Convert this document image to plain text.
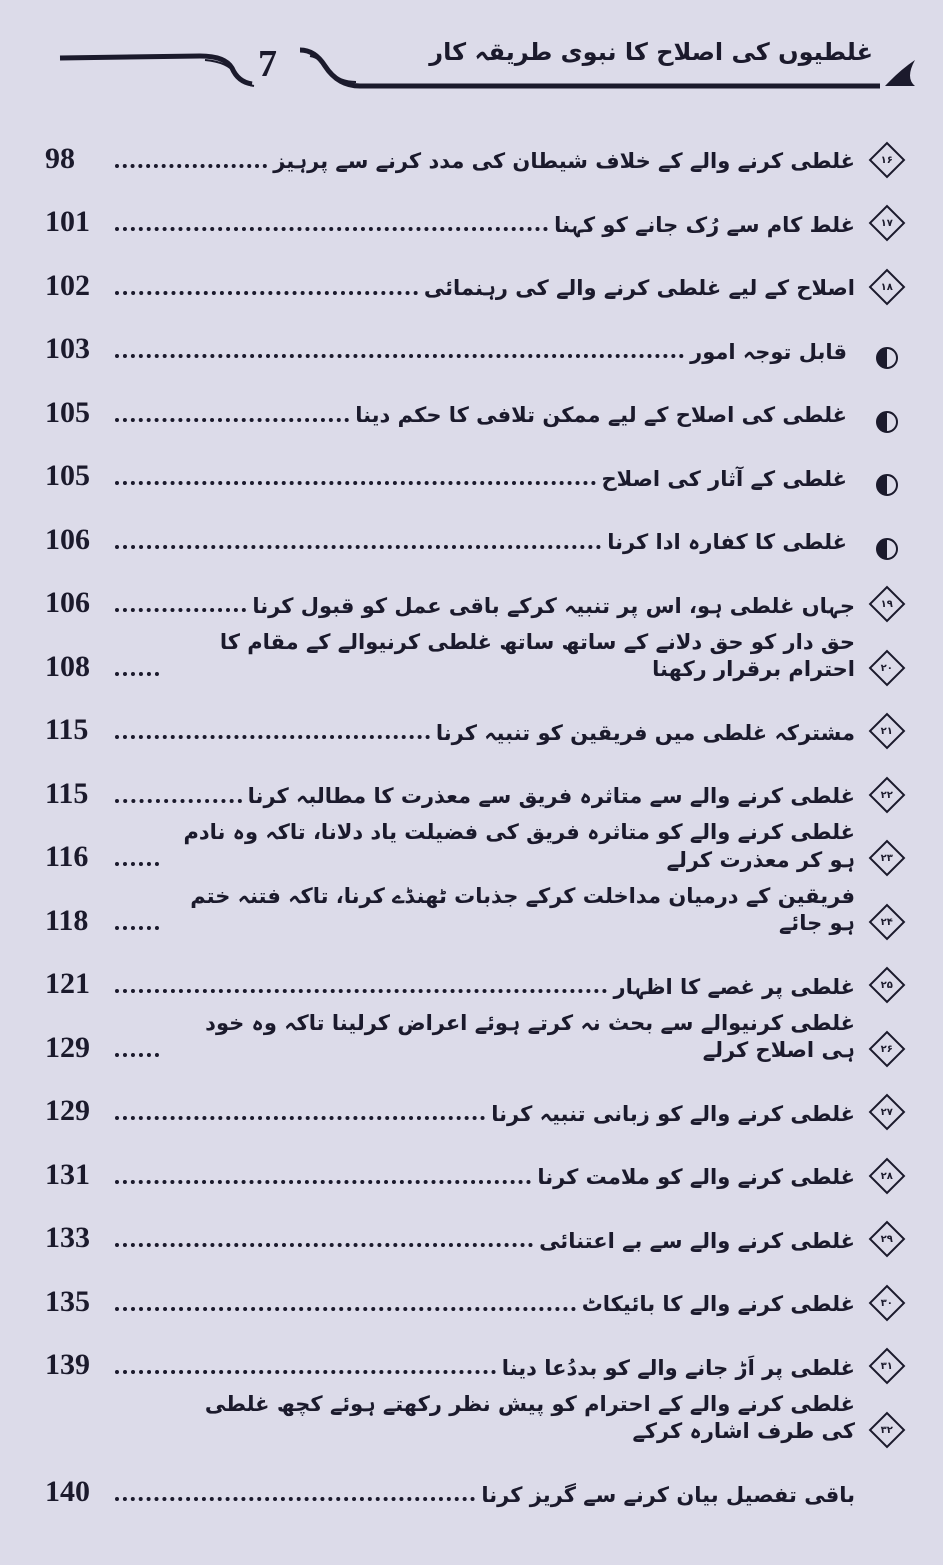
غلطیوں کی اصلاح کا نبوی طریقہ کار
7
۱۶
غلطی کرنے والے کے خلاف شیطان کی مدد کرنے سے پرہیز
98
۱۷
غلط کام سے رُک جانے کو کہنا
101
۱۸
اصلاح کے لیے غلطی کرنے والے کی رہنمائی
102
قابل توجہ امور
103
غلطی کی اصلاح کے لیے ممکن تلافی کا حکم دینا
105
غلطی کے آثار کی اصلاح
105
غلطی کا کفارہ ادا کرنا
106
۱۹
جہاں غلطی ہو، اس پر تنبیہ کرکے باقی عمل کو قبول کرنا
106
۲۰
حق دار کو حق دلانے کے ساتھ ساتھ غلطی کرنیوالے کے مقام کا احترام برقرار رکھنا
108
۲۱
مشترکہ غلطی میں فریقین کو تنبیہ کرنا
115
۲۲
غلطی کرنے والے سے متاثرہ فریق سے معذرت کا مطالبہ کرنا
115
۲۳
غلطی کرنے والے کو متاثرہ فریق کی فضیلت یاد دلانا، تاکہ وہ نادم ہو کر معذرت کرلے
116
۲۴
فریقین کے درمیان مداخلت کرکے جذبات ٹھنڈے کرنا، تاکہ فتنہ ختم ہو جائے
118
۲۵
غلطی پر غصے کا اظہار
121
۲۶
غلطی کرنیوالے سے بحث نہ کرتے ہوئے اعراض کرلینا تاکہ وہ خود ہی اصلاح کرلے
129
۲۷
غلطی کرنے والے کو زبانی تنبیہ کرنا
129
۲۸
غلطی کرنے والے کو ملامت کرنا
131
۲۹
غلطی کرنے والے سے بے اعتنائی
133
۳۰
غلطی کرنے والے کا بائیکاٹ
135
۳۱
غلطی پر اَڑ جانے والے کو بددُعا دینا
139
۳۲
غلطی کرنے والے کے احترام کو پیش نظر رکھتے ہوئے کچھ غلطی کی طرف اشارہ کرکے
باقی تفصیل بیان کرنے سے گریز کرنا
140
